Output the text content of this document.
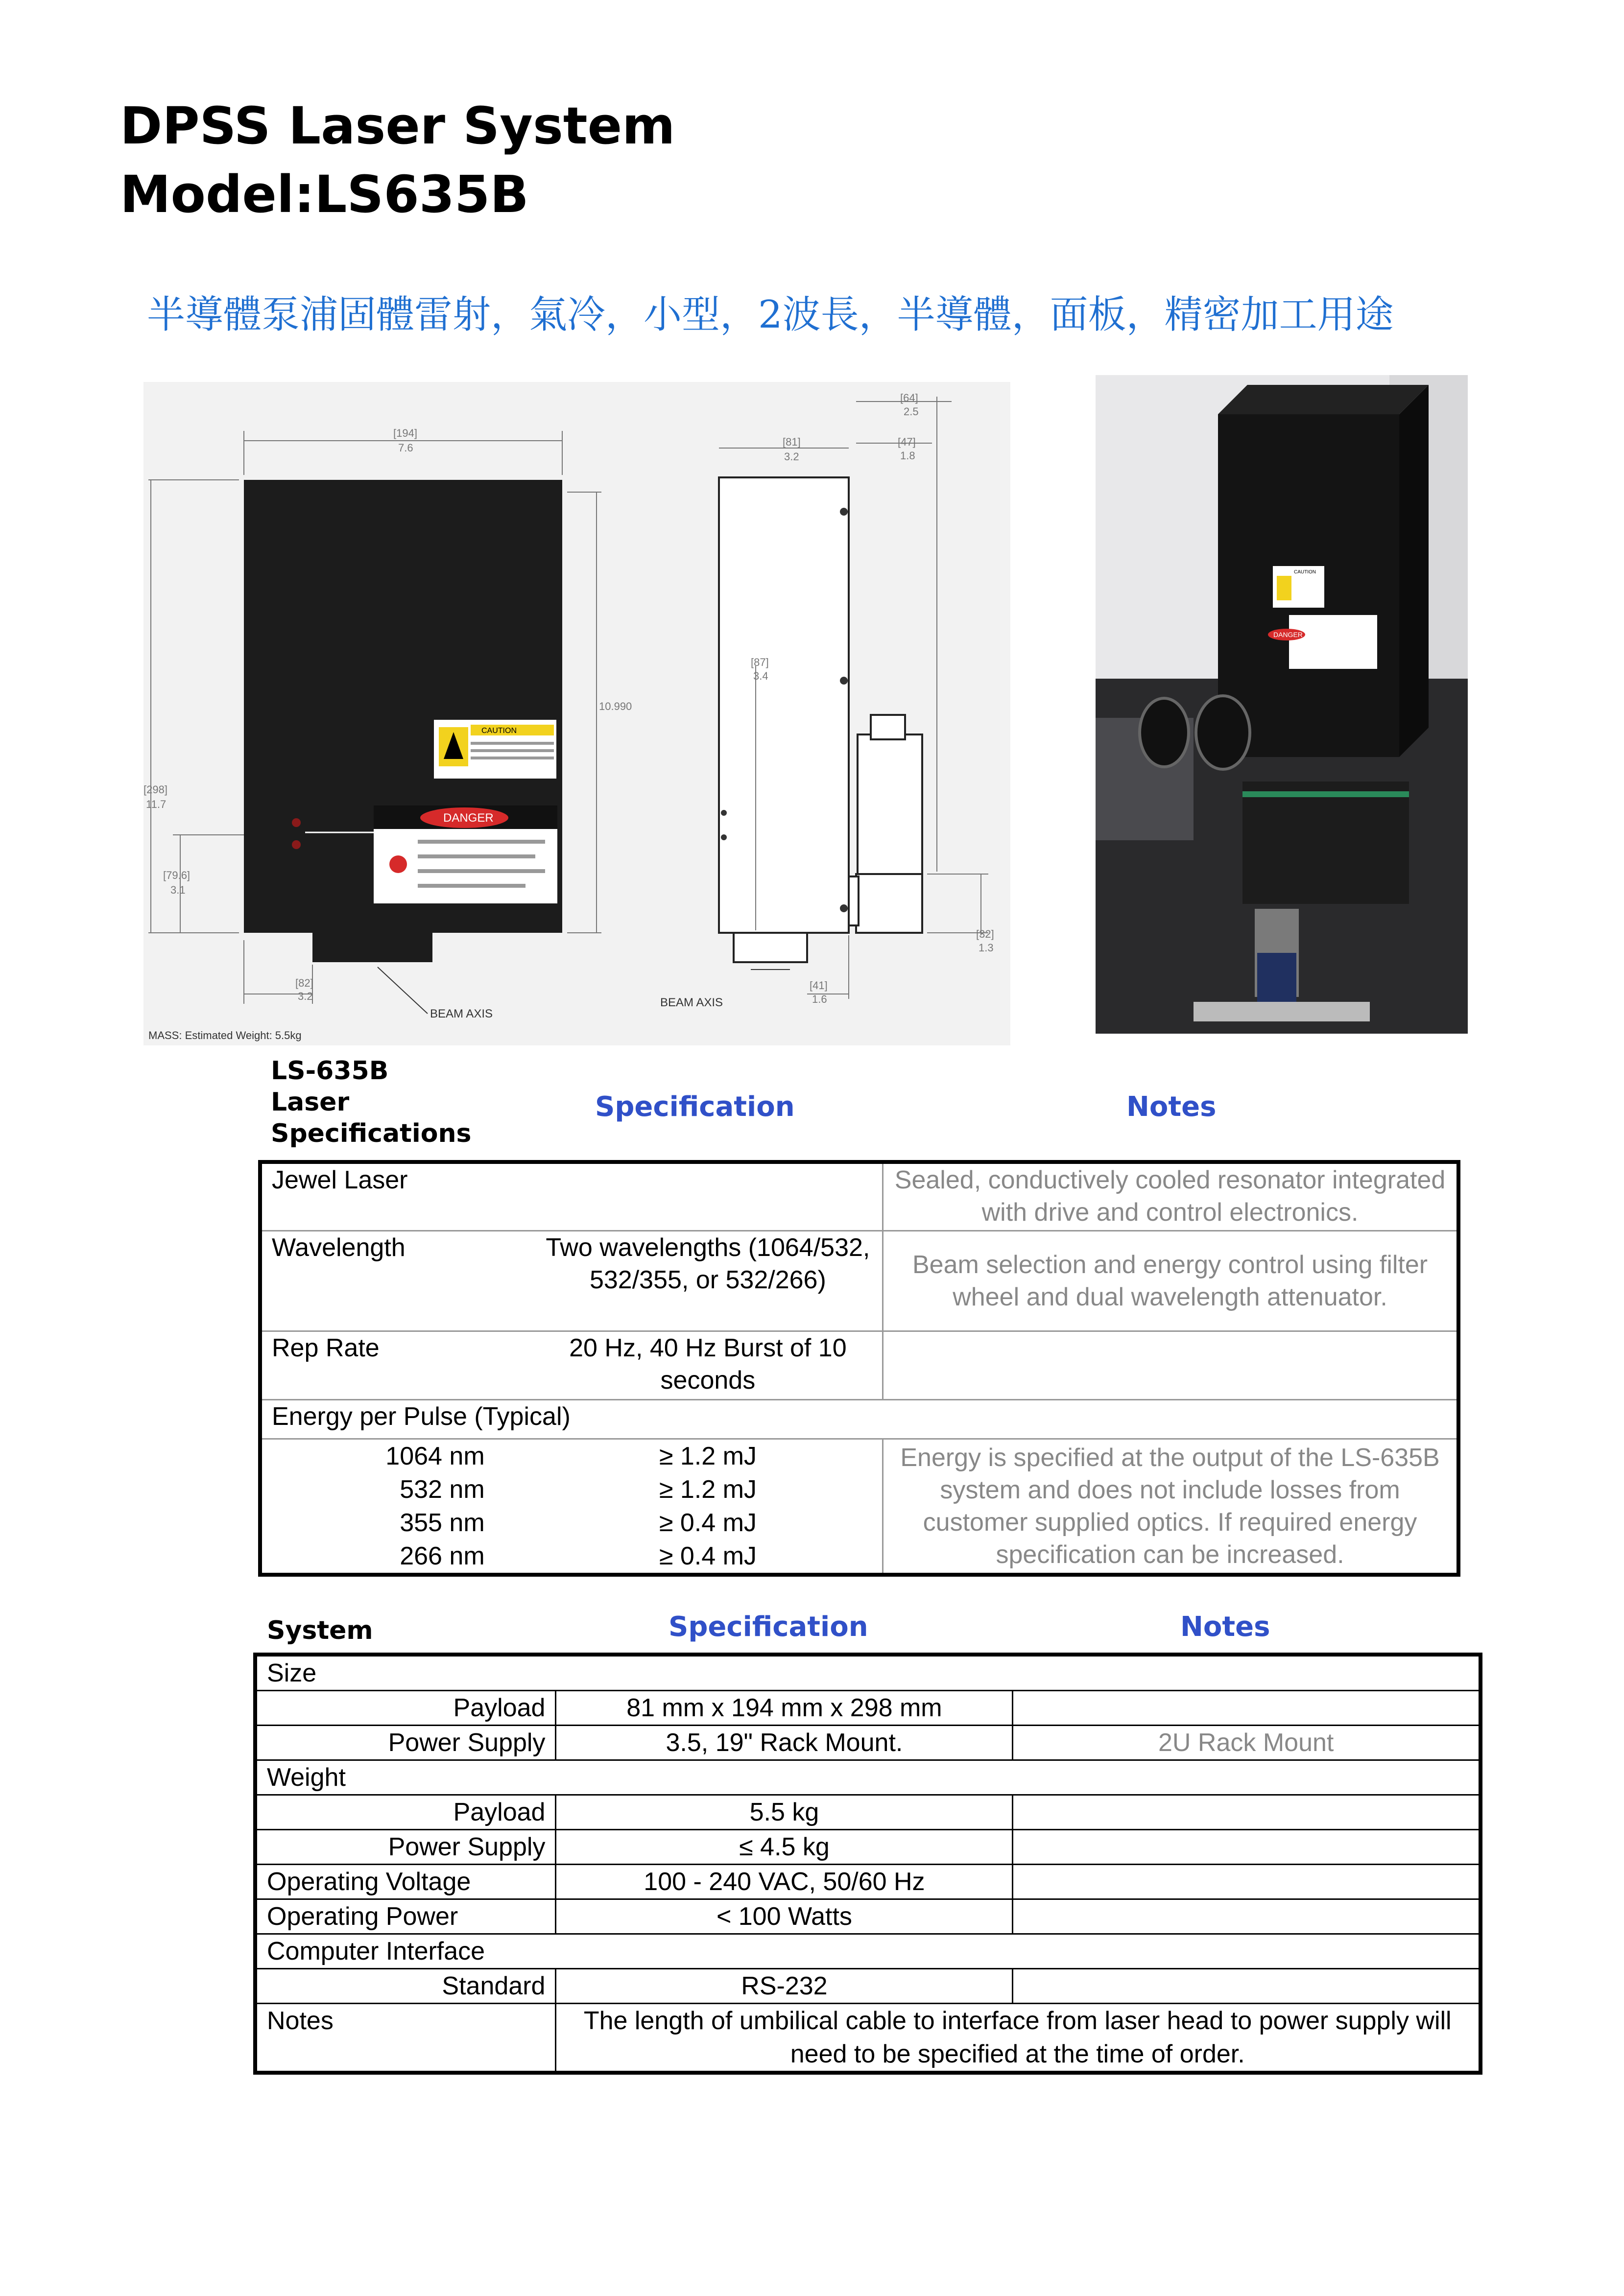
DPSS Laser System
Model:LS635B
半導體泵浦固體雷射，氣冷，小型，2波長，半導體，面板，精密加工用途
CAUTION
DANGER
[194]
7.6
[298]
11.7
10.990
[79.6]
3.1
[82]
3.2
BEAM AXIS
MASS: Estimated Weight: 5.5kg
[81]
3.2
[64]
2.5
[47]
1.8
[87]
3.4
[32]
1.3
[41]
1.6
BEAM AXIS
CAUTION
DANGER
LS-635B
Laser
Specifications
Specification	Notes
Jewel Laser		Sealed, conductively cooled resonator integrated with drive and control electronics.
Wavelength	Two wavelengths (1064/532, 532/355, or 532/266)	Beam selection and energy control using filter wheel and dual wavelength attenuator.
Rep Rate	20 Hz, 40 Hz Burst of 10 seconds	
Energy per Pulse (Typical)		
1064 nm	≥ 1.2 mJ	Energy is specified at the output of the LS-635B system and does not include losses from customer supplied optics. If required energy specification can be increased.
532 nm	≥ 1.2 mJ	
355 nm	≥ 0.4 mJ	
266 nm	≥ 0.4 mJ	
System	Specification	Notes
Size		
Payload	81 mm x 194 mm x 298 mm	
Power Supply	3.5, 19" Rack Mount.	2U Rack Mount
Weight		
Payload	5.5 kg	
Power Supply	≤ 4.5 kg	
Operating Voltage	100 - 240 VAC, 50/60 Hz	
Operating Power	< 100 Watts	
Computer Interface		
Standard	RS-232	
Notes	The length of umbilical cable to interface from laser head to power supply will need to be specified at the time of order.	
